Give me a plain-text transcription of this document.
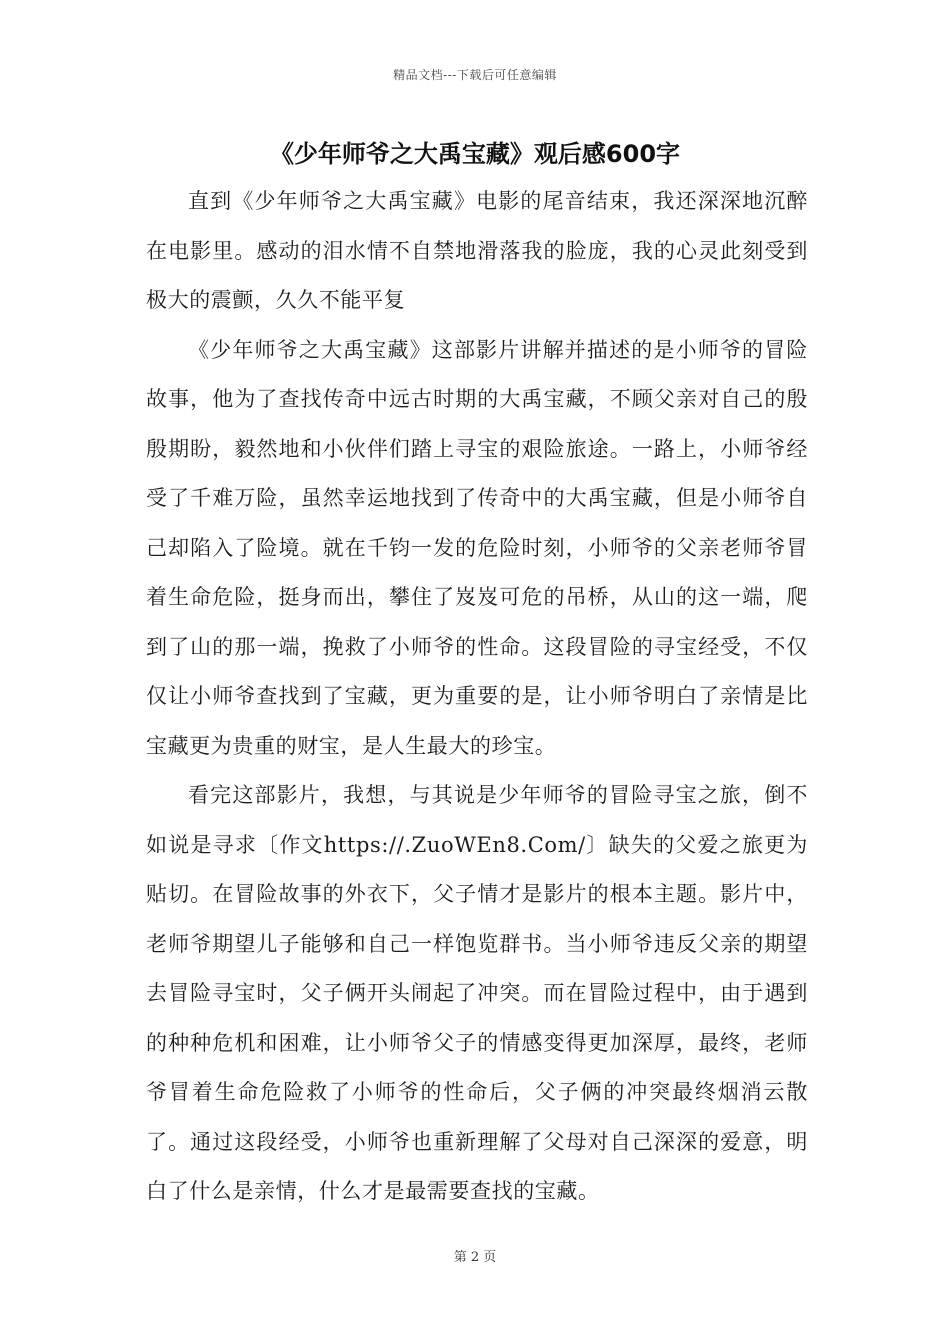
精品文档---下载后可任意编辑
《少年师爷之大禹宝藏》观后感600字

直到《少年师爷之大禹宝藏》电影的尾音结束，我还深深地沉醉在电影里。感动的泪水情不自禁地滑落我的脸庞，我的心灵此刻受到极大的震颤，久久不能平复

《少年师爷之大禹宝藏》这部影片讲解并描述的是小师爷的冒险故事，他为了查找传奇中远古时期的大禹宝藏，不顾父亲对自己的殷殷期盼，毅然地和小伙伴们踏上寻宝的艰险旅途。一路上，小师爷经受了千难万险，虽然幸运地找到了传奇中的大禹宝藏，但是小师爷自己却陷入了险境。就在千钧一发的危险时刻，小师爷的父亲老师爷冒着生命危险，挺身而出，攀住了岌岌可危的吊桥，从山的这一端，爬到了山的那一端，挽救了小师爷的性命。这段冒险的寻宝经受，不仅仅让小师爷查找到了宝藏，更为重要的是，让小师爷明白了亲情是比宝藏更为贵重的财宝，是人生最大的珍宝。

看完这部影片，我想，与其说是少年师爷的冒险寻宝之旅，倒不如说是寻求〔作文https://.ZuoWEn8.Com/〕缺失的父爱之旅更为贴切。在冒险故事的外衣下，父子情才是影片的根本主题。影片中，老师爷期望儿子能够和自己一样饱览群书。当小师爷违反父亲的期望去冒险寻宝时，父子俩开头闹起了冲突。而在冒险过程中，由于遇到的种种危机和困难，让小师爷父子的情感变得更加深厚，最终，老师爷冒着生命危险救了小师爷的性命后，父子俩的冲突最终烟消云散了。通过这段经受，小师爷也重新理解了父母对自己深深的爱意，明白了什么是亲情，什么才是最需要查找的宝藏。

第 2 页
